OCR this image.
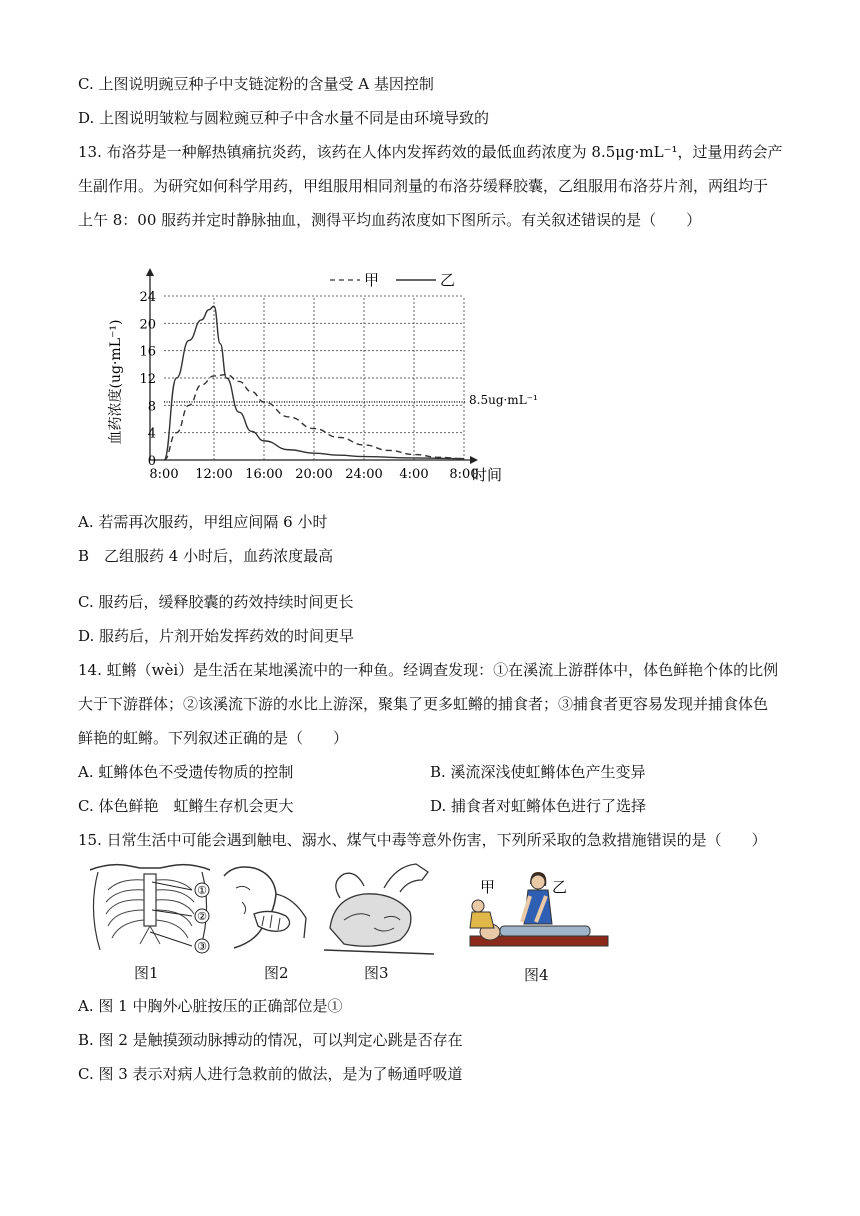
C. 上图说明豌豆种子中支链淀粉的含量受 A 基因控制
D. 上图说明皱粒与圆粒豌豆种子中含水量不同是由环境导致的
13. 布洛芬是一种解热镇痛抗炎药，该药在人体内发挥药效的最低血药浓度为 8.5μg·mL⁻¹，过量用药会产
生副作用。为研究如何科学用药，甲组服用相同剂量的布洛芬缓释胶囊，乙组服用布洛芬片剂，两组均于
上午 8：00 服药并定时静脉抽血，测得平均血药浓度如下图所示。有关叙述错误的是（　　）
0
4
8
12
16
20
24
8:00 12:00 16:00 20:00 24:00 4:00 8:00
8.5ug·mL⁻¹
甲	乙
血药浓度(ug·mL⁻¹)
时间
A. 若需再次服药，甲组应间隔 6 小时
B　乙组服药 4 小时后，血药浓度最高
C. 服药后，缓释胶囊的药效持续时间更长
D. 服药后，片剂开始发挥药效的时间更早
14. 虹鳉（wèi）是生活在某地溪流中的一种鱼。经调查发现：①在溪流上游群体中，体色鲜艳个体的比例
大于下游群体；②该溪流下游的水比上游深，聚集了更多虹鳉的捕食者；③捕食者更容易发现并捕食体色
鲜艳的虹鳉。下列叙述正确的是（　　）
A. 虹鳉体色不受遗传物质的控制	B. 溪流深浅使虹鳉体色产生变异
C. 体色鲜艳　虹鳉生存机会更大	D. 捕食者对虹鳉体色进行了选择
15. 日常生活中可能会遇到触电、溺水、煤气中毒等意外伤害，下列所采取的急救措施错误的是（　　）
①
②
③
甲	乙
图1	图2	图3	图4
A. 图 1 中胸外心脏按压的正确部位是①
B. 图 2 是触摸颈动脉搏动的情况，可以判定心跳是否存在
C. 图 3 表示对病人进行急救前的做法，是为了畅通呼吸道
